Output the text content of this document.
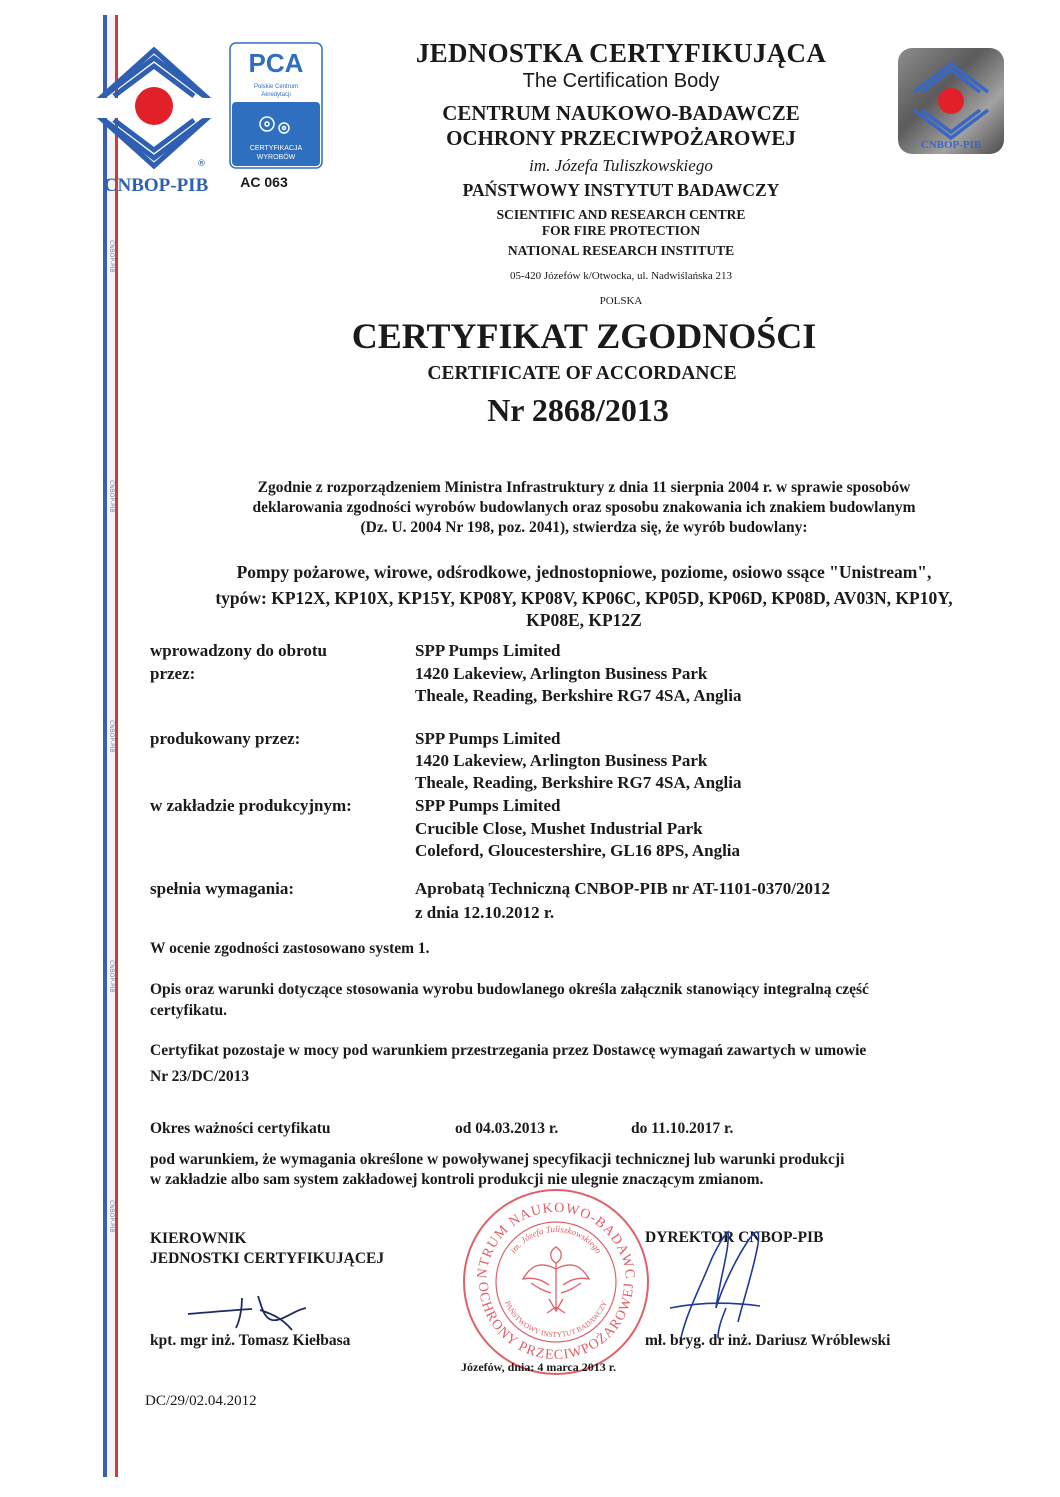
CNBOP-PIB
CNBOP-PIB
CNBOP-PIB
CNBOP-PIB
CNBOP-PIB
®
CNBOP-PIB
PCA
Polskie Centrum
Akredytacji
CERTYFIKACJA
WYROBÓW
AC 063
CNBOP-PIB
JEDNOSTKA CERTYFIKUJĄCA
The Certification Body
CENTRUM NAUKOWO-BADAWCZE
OCHRONY PRZECIWPOŻAROWEJ
im. Józefa Tuliszkowskiego
PAŃSTWOWY INSTYTUT BADAWCZY
SCIENTIFIC AND RESEARCH CENTRE
FOR FIRE PROTECTION
NATIONAL RESEARCH INSTITUTE
05-420 Józefów k/Otwocka, ul. Nadwiślańska 213
POLSKA
CERTYFIKAT ZGODNOŚCI
CERTIFICATE OF ACCORDANCE
Nr 2868/2013
Zgodnie z rozporządzeniem Ministra Infrastruktury z dnia 11 sierpnia 2004 r. w sprawie sposobów
deklarowania zgodności wyrobów budowlanych oraz sposobu znakowania ich znakiem budowlanym
(Dz. U. 2004 Nr 198, poz. 2041), stwierdza się, że wyrób budowlany:
Pompy pożarowe, wirowe, odśrodkowe, jednostopniowe, poziome, osiowo ssące "Unistream",
typów: KP12X, KP10X, KP15Y, KP08Y, KP08V, KP06C, KP05D, KP06D, KP08D, AV03N, KP10Y,
KP08E, KP12Z
wprowadzony do obrotu
przez:
SPP Pumps Limited
1420 Lakeview, Arlington Business Park
Theale, Reading, Berkshire RG7 4SA, Anglia
produkowany przez:	SPP Pumps Limited
1420 Lakeview, Arlington Business Park
Theale, Reading, Berkshire RG7 4SA, Anglia
w zakładzie produkcyjnym:	SPP Pumps Limited
Crucible Close, Mushet Industrial Park
Coleford, Gloucestershire, GL16 8PS, Anglia
spełnia wymagania:	Aprobatą Techniczną CNBOP-PIB nr AT-1101-0370/2012
z dnia 12.10.2012 r.
W ocenie zgodności zastosowano system 1.
Opis oraz warunki dotyczące stosowania wyrobu budowlanego określa załącznik stanowiący integralną część
certyfikatu.
Certyfikat pozostaje w mocy pod warunkiem przestrzegania przez Dostawcę wymagań zawartych w umowie
Nr 23/DC/2013
Okres ważności certyfikatu	od 04.03.2013 r.	do 11.10.2017 r.
pod warunkiem, że wymagania określone w powoływanej specyfikacji technicznej lub warunki produkcji
w zakładzie albo sam system zakładowej kontroli produkcji nie ulegnie znaczącym zmianom.
NTRUM NAUKOWO-BADAWC
OCHRONY PRZECIWPOŻAROWEJ
im. Józefa Tuliszkowskiego
PAŃSTWOWY INSTYTUT BADAWCZY
KIEROWNIK
JEDNOSTKI CERTYFIKUJĄCEJ
DYREKTOR CNBOP-PIB
kpt. mgr inż. Tomasz Kiełbasa	mł. bryg. dr inż. Dariusz Wróblewski
Józefów, dnia: 4 marca 2013 r.
DC/29/02.04.2012
